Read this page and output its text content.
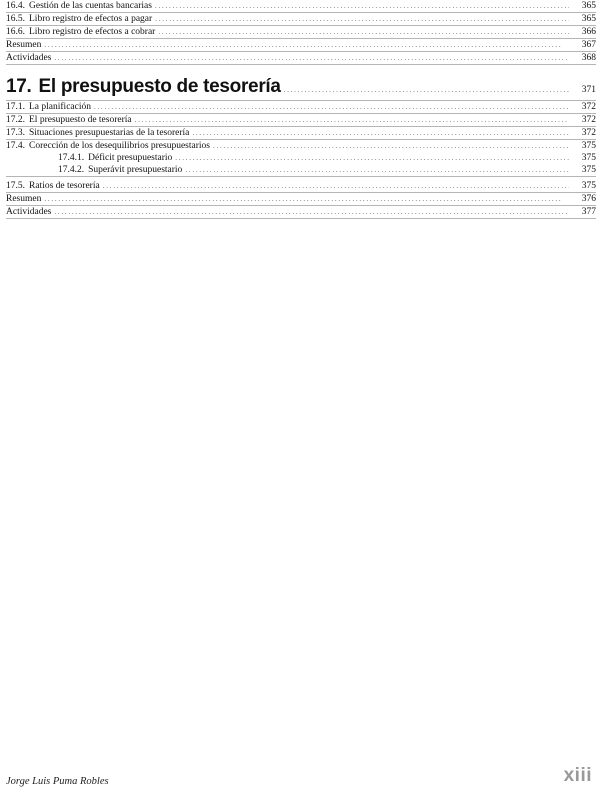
16.4. Gestión de las cuentas bancarias . . .	365
16.5. Libro registro de efectos a pagar . . .	365
16.6. Libro registro de efectos a cobrar . . .	366
Resumen . . .	367
Actividades . . .	368
17. El presupuesto de tesorería . . .	371
17.1. La planificación . . .	372
17.2. El presupuesto de tesorería . . .	372
17.3. Situaciones presupuestarias de la tesorería . . .	372
17.4. Corección de los desequilibrios presupuestarios . . .	375
17.4.1. Déficit presupuestario . . .	375
17.4.2. Superávit presupuestario . . .	375
17.5. Ratios de tesorería . . .	375
Resumen . . .	376
Actividades . . .	377
Jorge Luis Puma Robles	xiii
